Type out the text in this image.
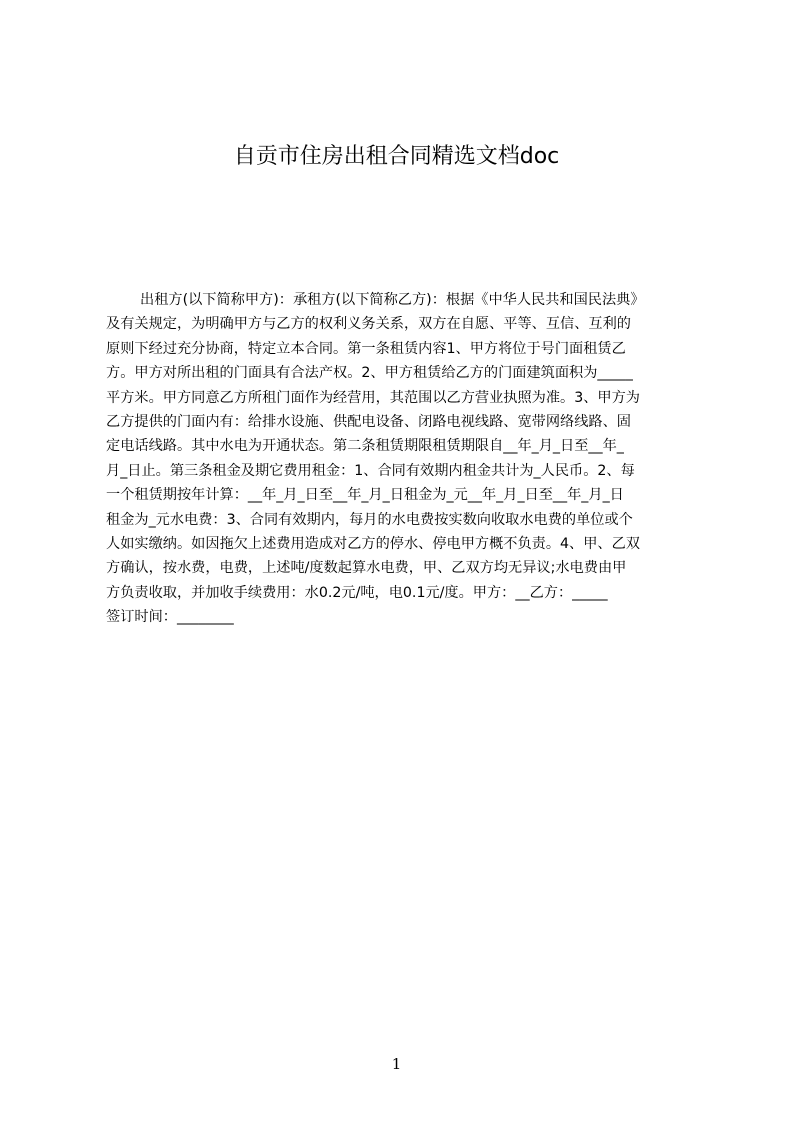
自贡市住房出租合同精选文档doc
出租方(以下简称甲方)：承租方(以下简称乙方)：根据《中华人民共和国民法典》
及有关规定，为明确甲方与乙方的权利义务关系，双方在自愿、平等、互信、互利的
原则下经过充分协商，特定立本合同。第一条租赁内容1、甲方将位于号门面租赁乙
方。甲方对所出租的门面具有合法产权。2、甲方租赁给乙方的门面建筑面积为_____
平方米。甲方同意乙方所租门面作为经营用，其范围以乙方营业执照为准。3、甲方为
乙方提供的门面内有：给排水设施、供配电设备、闭路电视线路、宽带网络线路、固
定电话线路。其中水电为开通状态。第二条租赁期限租赁期限自__年_月_日至__年_
月_日止。第三条租金及期它费用租金：1、合同有效期内租金共计为_人民币。2、每
一个租赁期按年计算：__年_月_日至__年_月_日租金为_元__年_月_日至__年_月_日
租金为_元水电费：3、合同有效期内，每月的水电费按实数向收取水电费的单位或个
人如实缴纳。如因拖欠上述费用造成对乙方的停水、停电甲方概不负责。4、甲、乙双
方确认，按水费，电费，上述吨/度数起算水电费，甲、乙双方均无异议;水电费由甲
方负责收取，并加收手续费用：水0.2元/吨，电0.1元/度。甲方：__乙方：_____
签订时间：________
1
